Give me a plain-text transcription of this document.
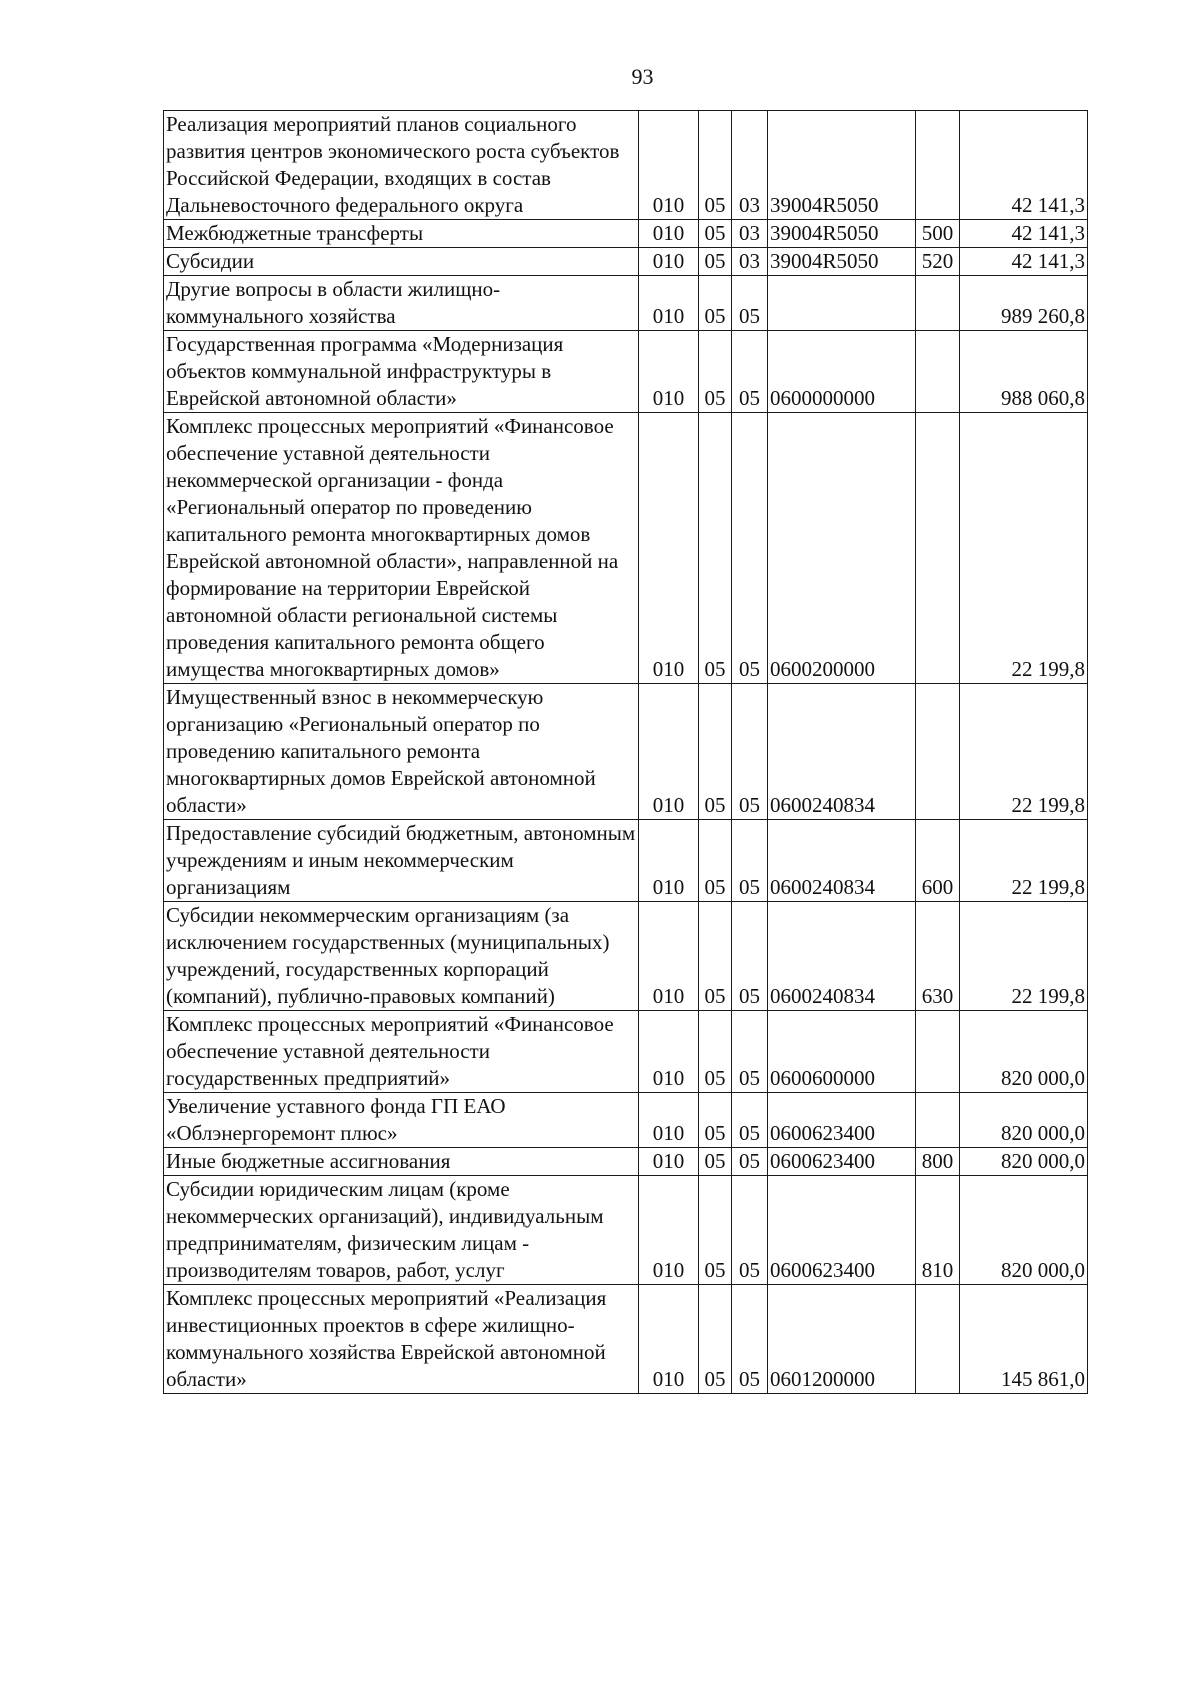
93
Реализация мероприятий планов социального развития центров экономического роста субъектов Российской Федерации, входящих в состав Дальневосточного федерального округа	010	05	03	39004R5050		42 141,3
Межбюджетные трансферты	010	05	03	39004R5050	500	42 141,3
Субсидии	010	05	03	39004R5050	520	42 141,3
Другие вопросы в области жилищно-коммунального хозяйства	010	05	05			989 260,8
Государственная программа «Модернизация объектов коммунальной инфраструктуры в Еврейской автономной области»	010	05	05	0600000000		988 060,8
Комплекс процессных мероприятий «Финансовое обеспечение уставной деятельности некоммерческой организации - фонда «Региональный оператор по проведению капитального ремонта многоквартирных домов Еврейской автономной области», направленной на формирование на территории Еврейской автономной области региональной системы проведения капитального ремонта общего имущества многоквартирных домов»	010	05	05	0600200000		22 199,8
Имущественный взнос в некоммерческую организацию «Региональный оператор по проведению капитального ремонта многоквартирных домов Еврейской автономной области»	010	05	05	0600240834		22 199,8
Предоставление субсидий бюджетным, автономным учреждениям и иным некоммерческим организациям	010	05	05	0600240834	600	22 199,8
Субсидии некоммерческим организациям (за исключением государственных (муниципальных) учреждений, государственных корпораций (компаний), публично-правовых компаний)	010	05	05	0600240834	630	22 199,8
Комплекс процессных мероприятий «Финансовое обеспечение уставной деятельности государственных предприятий»	010	05	05	0600600000		820 000,0
Увеличение уставного фонда ГП ЕАО «Облэнергоремонт плюс»	010	05	05	0600623400		820 000,0
Иные бюджетные ассигнования	010	05	05	0600623400	800	820 000,0
Субсидии юридическим лицам (кроме некоммерческих организаций), индивидуальным предпринимателям, физическим лицам - производителям товаров, работ, услуг	010	05	05	0600623400	810	820 000,0
Комплекс процессных мероприятий «Реализация инвестиционных проектов в сфере жилищно-коммунального хозяйства Еврейской автономной области»	010	05	05	0601200000		145 861,0
